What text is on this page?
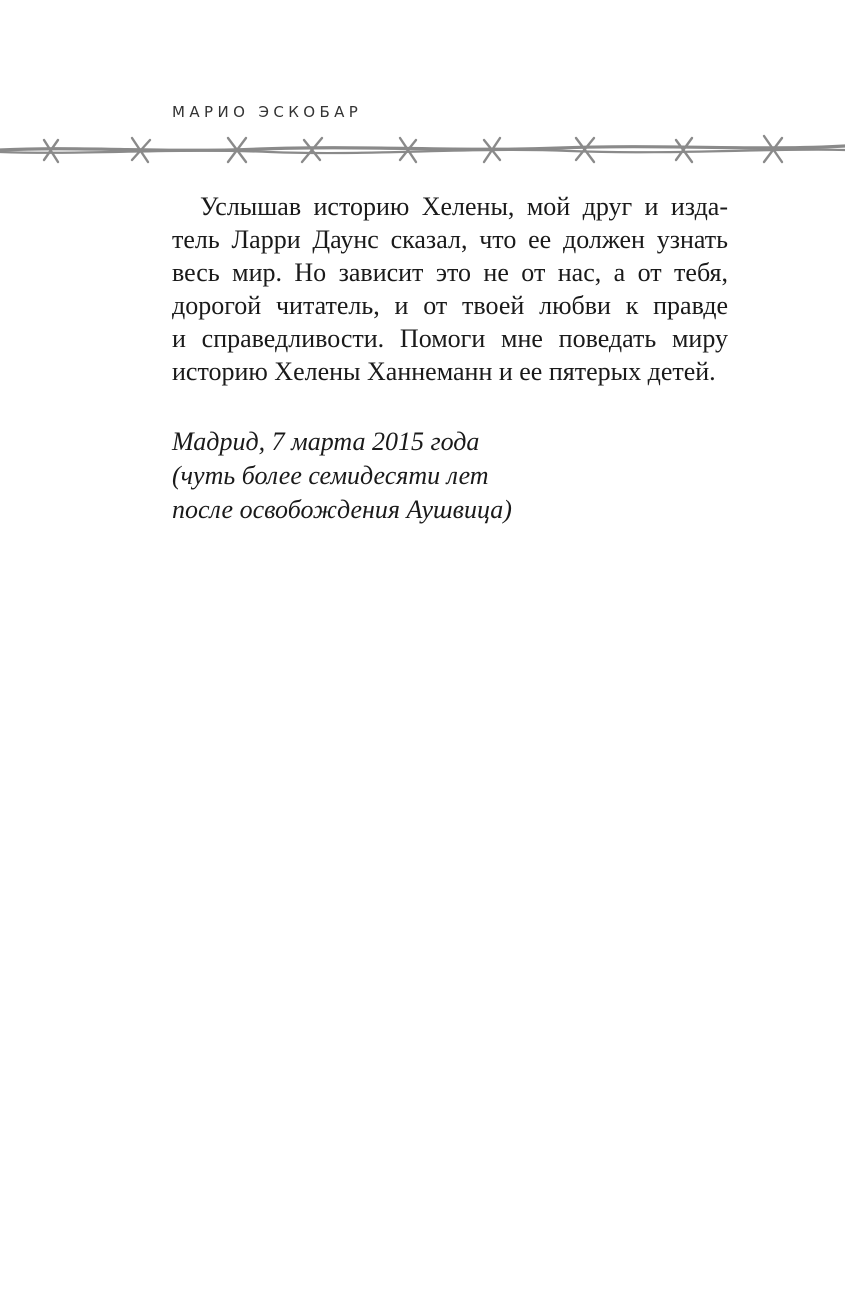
МАРИО ЭСКОБАР
Услышав историю Хелены, мой друг и изда-
тель Ларри Даунс сказал, что ее должен узнать
весь мир. Но зависит это не от нас, а от тебя,
дорогой читатель, и от твоей любви к правде
и справедливости. Помоги мне поведать миру
историю Хелены Ханнеманн и ее пятерых детей.
Мадрид, 7 марта 2015 года
(чуть более семидесяти лет
после освобождения Аушвица)
